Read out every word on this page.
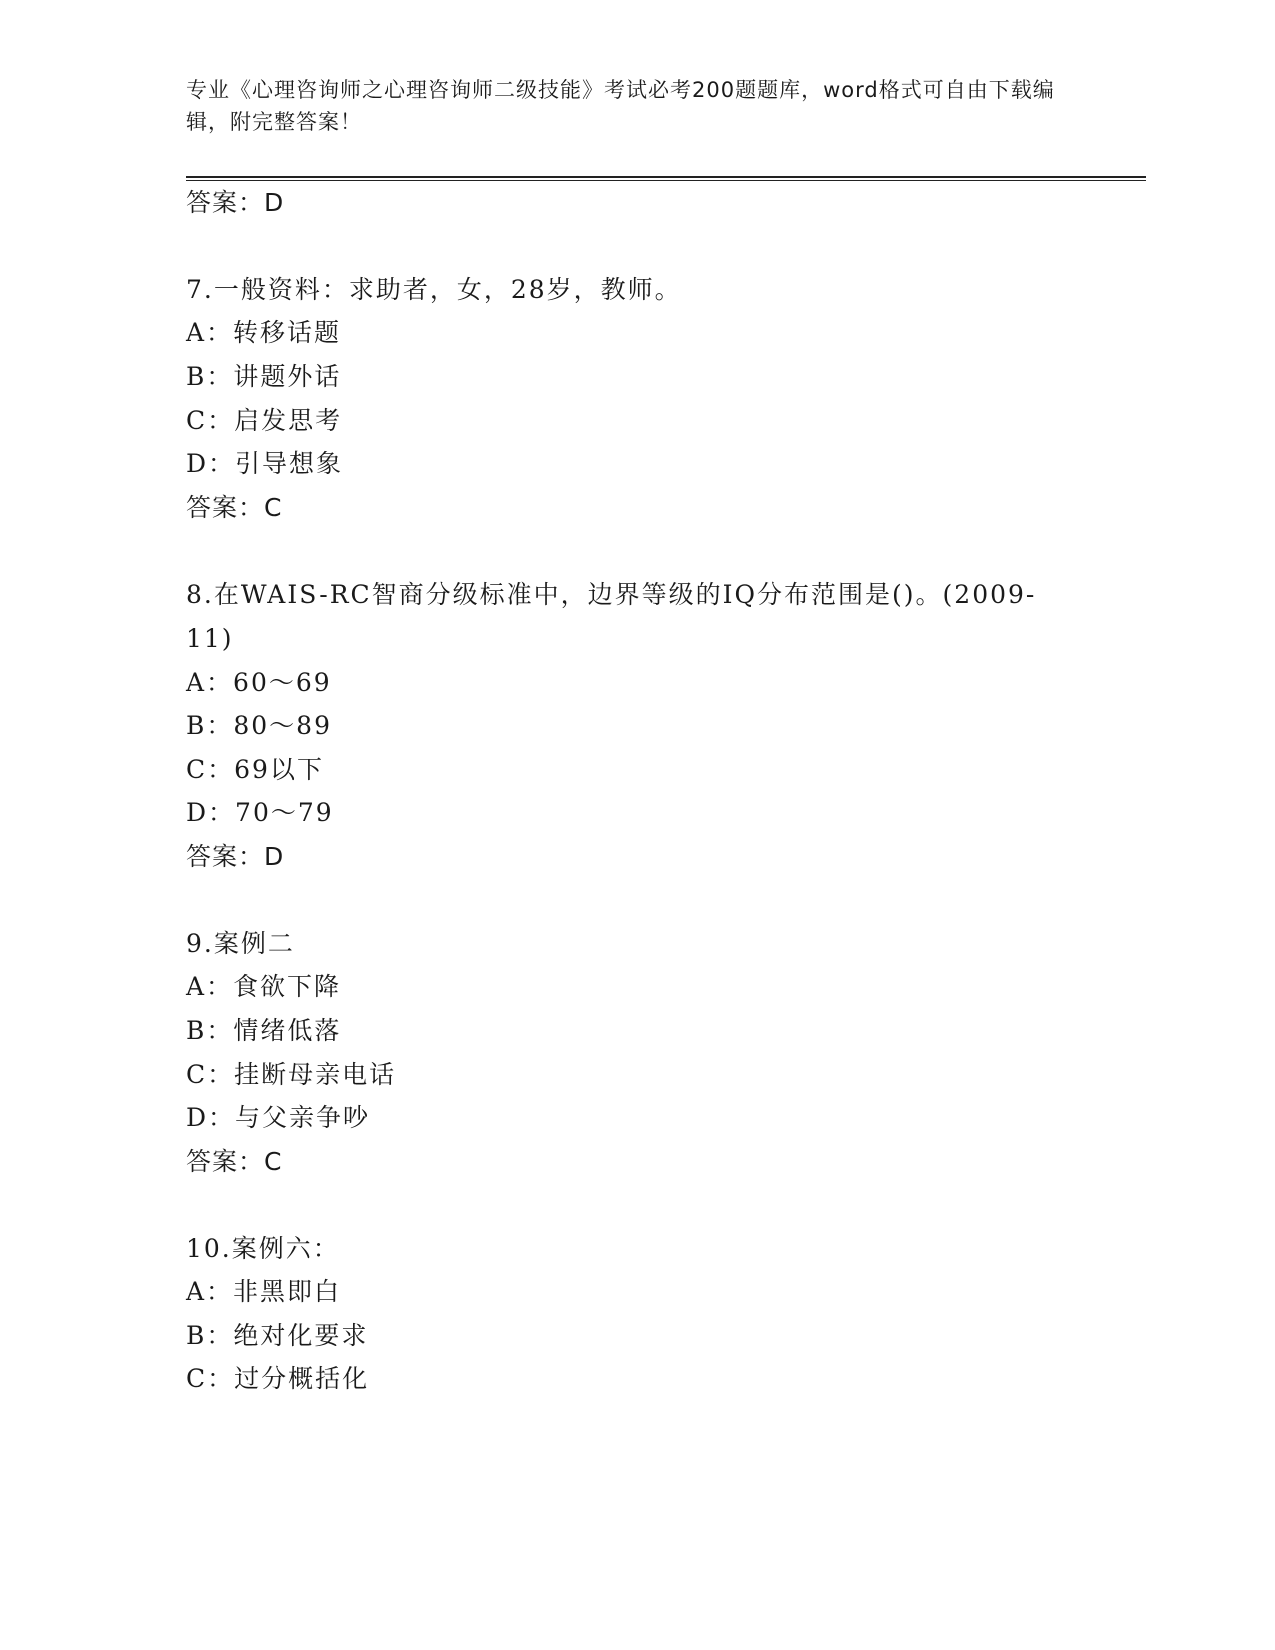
专业《心理咨询师之心理咨询师二级技能》考试必考200题题库，word格式可自由下载编辑，附完整答案！
答案：D
7.一般资料：求助者，女，28岁，教师。
A：转移话题
B：讲题外话
C：启发思考
D：引导想象
答案：C
8.在WAIS-RC智商分级标准中，边界等级的IQ分布范围是()。(2009-
11)
A：60～69
B：80～89
C：69以下
D：70～79
答案：D
9.案例二
A：食欲下降
B：情绪低落
C：挂断母亲电话
D：与父亲争吵
答案：C
10.案例六：
A：非黑即白
B：绝对化要求
C：过分概括化
